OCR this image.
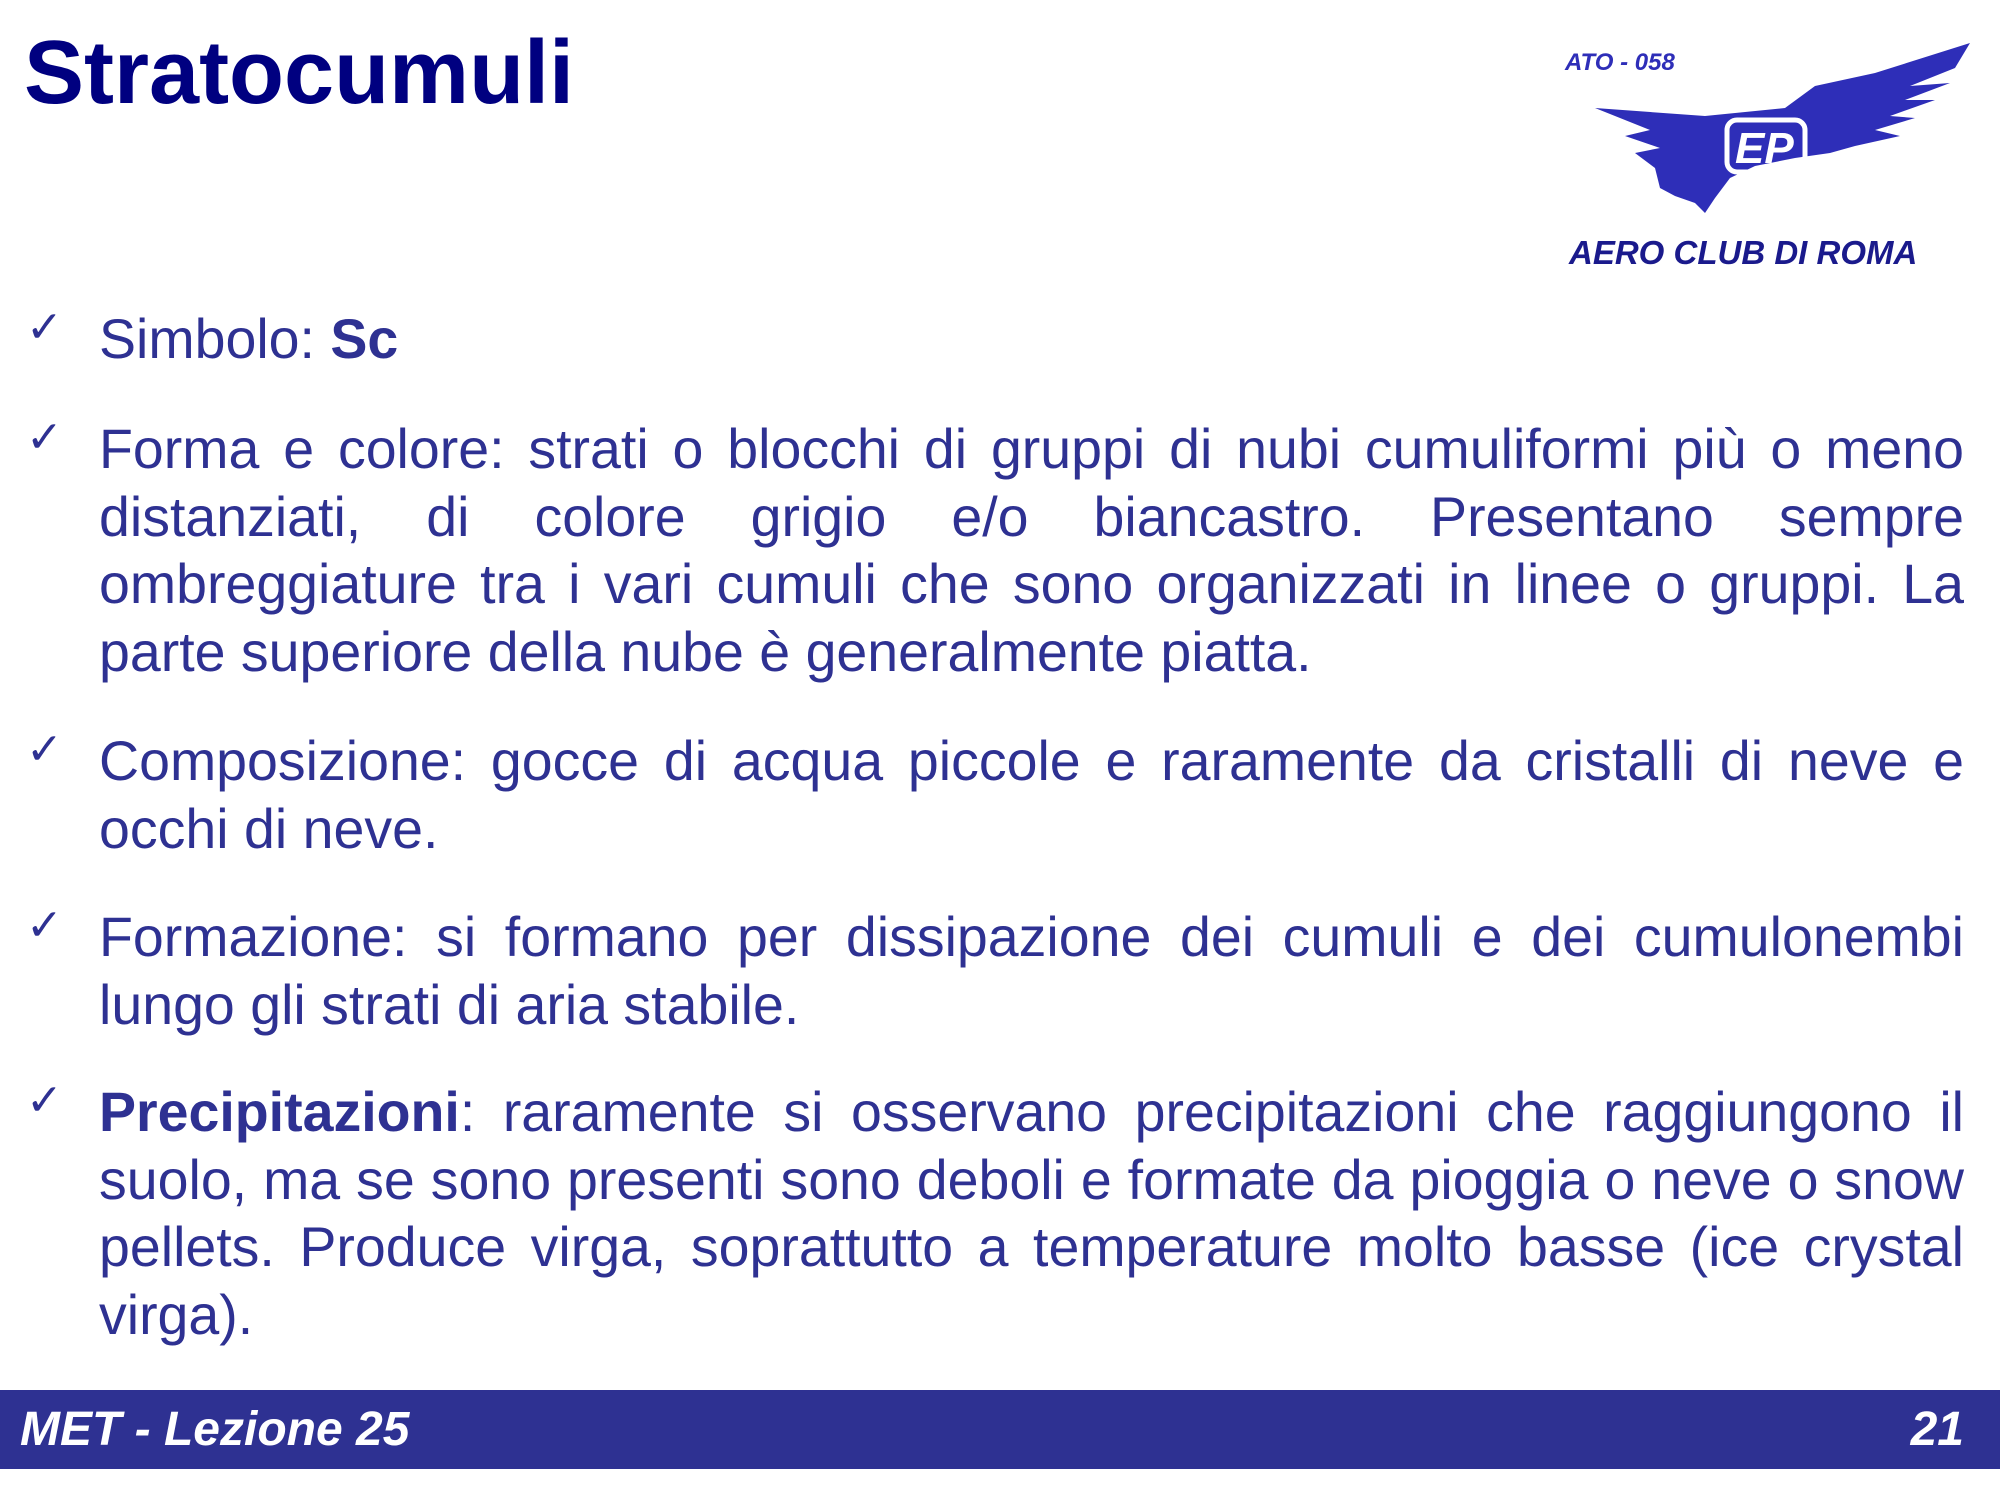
Stratocumuli	ATO - 058
EP
AERO CLUB DI ROMA
✓ Simbolo: Sc
✓ Forma e colore: strati o blocchi di gruppi di nubi cumuliformi più o meno distanziati, di colore grigio e/o biancastro. Presentano sempre ombreggiature tra i vari cumuli che sono organizzati in linee o gruppi. La parte superiore della nube è generalmente piatta.
✓ Composizione: gocce di acqua piccole e raramente da cristalli di neve e occhi di neve.
✓ Formazione: si formano per dissipazione dei cumuli e dei cumulonembi lungo gli strati di aria stabile.
✓ Precipitazioni: raramente si osservano precipitazioni che raggiungono il suolo, ma se sono presenti sono deboli e formate da pioggia o neve o snow pellets. Produce virga, soprattutto a temperature molto basse (ice crystal virga).
MET - Lezione 25	21
